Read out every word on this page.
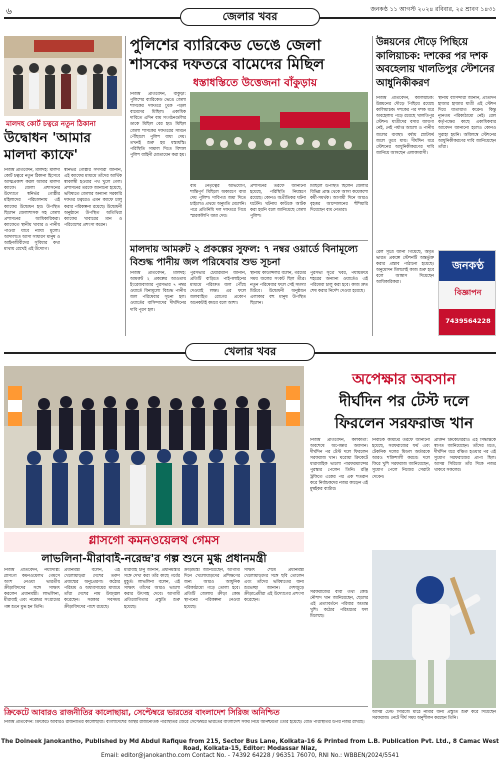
৬	জেলার খবর
জনকণ্ঠ ১১ আগস্ট ২০২৪ রবিবার, ২৫ শ্রাবণ ১৪৩১
মালদহ কোর্ট চত্বরে নতুন ঠিকানা
উদ্বোধন 'আমার মালদা ক্যাফে'
নিজস্ব প্রতিবেদন, মালদহ: মালদা কোর্ট চত্বরে নতুন ঠিকানা হিসেবে আত্মপ্রকাশ করল আমার মালদা ক্যাফে। জেলা প্রশাসনের উদ্যোগে স্বনির্ভর গোষ্ঠীর মহিলাদের পরিচালনায় এই ক্যাফের উদ্বোধন হয়। উপস্থিত ছিলেন জেলাশাসক সহ জেলা প্রশাসনের আধিকারিকরা। ক্যাফেতে স্থানীয় খাবার ও পানীয় পাওয়া যাবে ন্যায্য মূল্যে। আদালতে আসা সাধারণ মানুষ ও আইনজীবীদের সুবিধার কথা মাথায় রেখেই এই উদ্যোগ।
স্বনির্ভর গোষ্ঠীর সদস্যরা জানান, এই ক্যাফের মাধ্যমে তাঁদের আর্থিক স্বাবলম্বী হওয়ার পথ খুলে গেল। প্রশাসনের তরফে জানানো হয়েছে, ভবিষ্যতে জেলার অন্যান্য সরকারি দফতর চত্বরেও এমন ক্যাফে চালু করার পরিকল্পনা রয়েছে। উদ্বোধনী অনুষ্ঠানে উপস্থিত অতিথিরা ক্যাফের খাবারের মান ও পরিবেশের প্রশংসা করেন।
পুলিশের ব্যারিকেড ভেঙে জেলা শাসকের দফতরে বামেদের মিছিল
ধস্তাধস্তিতে উত্তেজনা বাঁকুড়ায়
নিজস্ব প্রতিবেদন, বাঁকুড়া: পুলিশের ব্যারিকেড ভেঙে জেলা শাসকের দফতরে ঢুকে পড়ল বামেদের মিছিল। একাধিক দাবিতে এদিন বাম সংগঠনগুলির ডাকে মিছিল বের হয়। মিছিল জেলা শাসকের দফতরের সামনে পৌঁছালে পুলিশ বাধা দেয়। তখনই শুরু হয় ধস্তাধস্তি। পরিস্থিতি সামাল দিতে বিশাল পুলিশ বাহিনী মোতায়েন করা হয়।
বাম নেতৃত্বের অভিযোগ, শান্তিপূর্ণ মিছিলে অকারণে বাধা দেয় পুলিশ। দাবিপত্র জমা দিতে চাইলেও প্রথমে অনুমতি মেলেনি। পরে প্রতিনিধি দল দফতরে গিয়ে স্মারকলিপি জমা দেয়।
প্রশাসনের তরফে জানানো হয়েছে, পরিস্থিতি নিয়ন্ত্রণে রয়েছে। কোনও অপ্রীতিকর ঘটনা ঘটেনি। ঘটনায় কাউকে আটক করা হয়নি বলে জানিয়েছে জেলা পুলিশ।
মিছিলে উপস্থিত ছিলেন জেলার বিভিন্ন প্রান্ত থেকে আসা কয়েকশো কর্মী-সমর্থক। আগামী দিনে আরও বৃহত্তর আন্দোলনের হুঁশিয়ারি দিয়েছেন বাম নেতারা।
মালদায় আমরুট ২ প্রকল্পের সুফল: ৭ নম্বর ওয়ার্ডে বিনামূল্যে বিশুদ্ধ পানীয় জল পরিষেবার শুভ সূচনা
নিজস্ব প্রতিবেদন, মালদহ: আমরুট ২ প্রকল্পের আওতায় ইংরেজবাজার পুরসভার ৭ নম্বর ওয়ার্ডে বিনামূল্যে বিশুদ্ধ পানীয় জল পরিষেবার সূচনা হল। ওয়ার্ডের বাসিন্দাদের দীর্ঘদিনের দাবি পূরণ হল।
পুরসভার চেয়ারম্যান জানান, প্রতিটি বাড়িতে পাইপলাইনের মাধ্যমে পরিশ্রুত জল পৌঁছে দেওয়াই লক্ষ্য। এর ফলে জলবাহিত রোগের প্রকোপ অনেকটাই কমবে বলে আশা।
স্থানীয় কাউন্সিলর বলেন, গরমের সময় জলের সংকট ছিল তীব্র। নতুন পরিষেবার ফলে সেই সমস্যা মিটবে। উদ্বোধনী অনুষ্ঠানে এলাকার বহু মানুষ উপস্থিত ছিলেন।
পুরসভা সূত্রে খবর, পর্যায়ক্রমে শহরের অন্যান্য ওয়ার্ডেও এই পরিষেবা চালু করা হবে। কাজ দ্রুত শেষ করার নির্দেশ দেওয়া হয়েছে।
উন্নয়নের দৌড়ে পিছিয়ে কালিয়াচক: দশকের পর দশক অবহেলায় খালতিপুর স্টেশনের আধুনিকীকরণ
নিজস্ব প্রতিবেদন, কালিয়াচক: উন্নয়নের দৌড়ে পিছিয়ে রয়েছে কালিয়াচক। দশকের পর দশক ধরে অবহেলায় পড়ে রয়েছে খালতিপুর স্টেশন। যাত্রীদের বসার জায়গা নেই, নেই পর্যাপ্ত আলো ও পানীয় জলের ব্যবস্থা। বর্ষায় প্ল্যাটফর্ম জলে ডুবে যায়। দীর্ঘদিন ধরে স্টেশনের আধুনিকীকরণের দাবি জানিয়ে আসছেন এলাকাবাসী।
স্থানীয় বাসিন্দারা জানান, প্রতিদিন হাজার হাজার যাত্রী এই স্টেশন দিয়ে যাতায়াত করেন। কিন্তু ন্যূনতম পরিকাঠামো নেই। রেল কর্তৃপক্ষের কাছে একাধিকবার আবেদন জানানো হলেও কোনও সুরাহা হয়নি। অবিলম্বে স্টেশনের আধুনিকীকরণের দাবি জানিয়েছেন তাঁরা।
জনকণ্ঠ
বিজ্ঞাপন
7439564228
রেল সূত্রে জানা গিয়েছে, অমৃত ভারত প্রকল্পে স্টেশনটি অন্তর্ভুক্ত করার প্রস্তাব পাঠানো হয়েছে। অনুমোদন মিললেই কাজ শুরু হবে বলে আশ্বাস দিয়েছেন আধিকারিকরা।
খেলার খবর
অপেক্ষার অবসান
দীর্ঘদিন পর টেস্ট দলে
ফিরলেন সরফরাজ খান
নিজস্ব প্রতিবেদন, কলকাতা: অবশেষে অপেক্ষার অবসান। দীর্ঘদিন পর টেস্ট দলে ফিরলেন সরফরাজ খান। ঘরোয়া ক্রিকেটে ধারাবাহিক ভালো পারফরম্যান্সের পুরস্কার পেলেন তিনি। রঞ্জি ট্রফিতে একের পর এক শতরান করে নির্বাচকদের নজর কাড়েন এই মুম্বইকর ব্যাটার।
নির্বাচক কমিটির তরফে জানানো হয়েছে, সরফরাজের ফর্ম এবং টেকনিক দলের মিডল অর্ডারকে আরও শক্তিশালী করবে। দলে ফিরে খুশি সরফরাজ জানিয়েছেন, সুযোগ পেলে নিজের সেরাটা দেবেন।
প্রাক্তন ক্রিকেটাররাও এই সিদ্ধান্তকে স্বাগত জানিয়েছেন। তাঁদের মতে, দীর্ঘদিন ধরে বঞ্চিত হওয়ার পর এই সুযোগ সরফরাজের প্রাপ্য ছিল। আসন্ন সিরিজে তাঁর দিকে নজর থাকবে সকলের।
গ্লাসগো কমনওয়েলথ গেমস
লাভলিনা-মীরাবাই-নরেন্দ্র'র গল্প শুনে মুগ্ধ প্রধানমন্ত্রী
নিজস্ব প্রতিবেদন, নয়াদিল্লি: গ্লাসগো কমনওয়েলথ গেমসে অংশ নেওয়া ভারতীয় ক্রীড়াবিদদের সঙ্গে সাক্ষাৎ করলেন প্রধানমন্ত্রী। লাভলিনা, মীরাবাই এবং নরেন্দ্রর সংগ্রামের গল্প শুনে মুগ্ধ হন তিনি।
প্রধানমন্ত্রী বলেন, এই খেলোয়াড়রা দেশের তরুণ প্রজন্মের অনুপ্রেরণা। কঠোর পরিশ্রম ও অধ্যবসায়ের মাধ্যমে তাঁরা দেশের নাম উজ্জ্বল করেছেন। সরকার সবসময় ক্রীড়াবিদদের পাশে রয়েছে।
মীরাবাই চানু জানান, প্রধানমন্ত্রীর সঙ্গে দেখা করা তাঁর কাছে গর্বের মুহূর্ত। লাভলিনা বলেন, এই সাক্ষাৎ তাঁদের আরও ভালো করার উৎসাহ দেবে। আগামী প্রতিযোগিতার প্রস্তুতি শুরু হয়েছে।
ক্রীড়ামন্ত্রী জানিয়েছেন, আগামী দিনে খেলোয়াড়দের প্রশিক্ষণের জন্য আরও আধুনিক পরিকাঠামো গড়ে তোলা হবে। প্রতিটি জেলায় ক্রীড়া কেন্দ্র স্থাপনের পরিকল্পনা নেওয়া হয়েছে।
সাক্ষাৎ শেষে প্রধানমন্ত্রী খেলোয়াড়দের সঙ্গে ছবি তোলেন এবং তাঁদের ভবিষ্যতের জন্য শুভেচ্ছা জানান। দেশজুড়ে ক্রীড়াপ্রেমীরা এই উদ্যোগের প্রশংসা করেছেন।
সরফরাজের বাবা তথা কোচ নৌশাদ খান জানিয়েছেন, ছেলের এই প্রত্যাবর্তনে পরিবার অত্যন্ত খুশি। কঠোর পরিশ্রমের ফল মিলেছে।
ক্রিকেটে আবারও রাজনীতির কালোছায়া, সেপ্টেম্বরে ভারতের বাংলাদেশ সিরিজ অনিশ্চিত
নিজস্ব প্রতিবেদন: ক্রিকেটে আবারও রাজনীতির কালোছায়া। বাংলাদেশের অস্থির রাজনৈতিক পরিস্থিতির জেরে সেপ্টেম্বরে ভারতের বাংলাদেশ সফর নিয়ে অনিশ্চয়তা তৈরি হয়েছে। বোর্ড পরিস্থিতির উপর নজর রাখছে।
আসন্ন টেস্ট সিরিজে মাঠে নামার জন্য প্রস্তুতি শুরু করে দিয়েছেন সরফরাজ। নেটে দীর্ঘ সময় অনুশীলন করছেন তিনি।
The Doineek Janokantho, Published by Md Abdul Rafique from 215, Sector Bus Lane, Kolkata-16 & Printed from L.B. Publication Pvt. Ltd., 8 Camac West Road, Kolkata-15, Editor: Modassar Niaz,
Email: editor@janokantho.com Contact No. - 74392 64228 / 96351 76070, RNI No.: WBBEN/2024/5541
